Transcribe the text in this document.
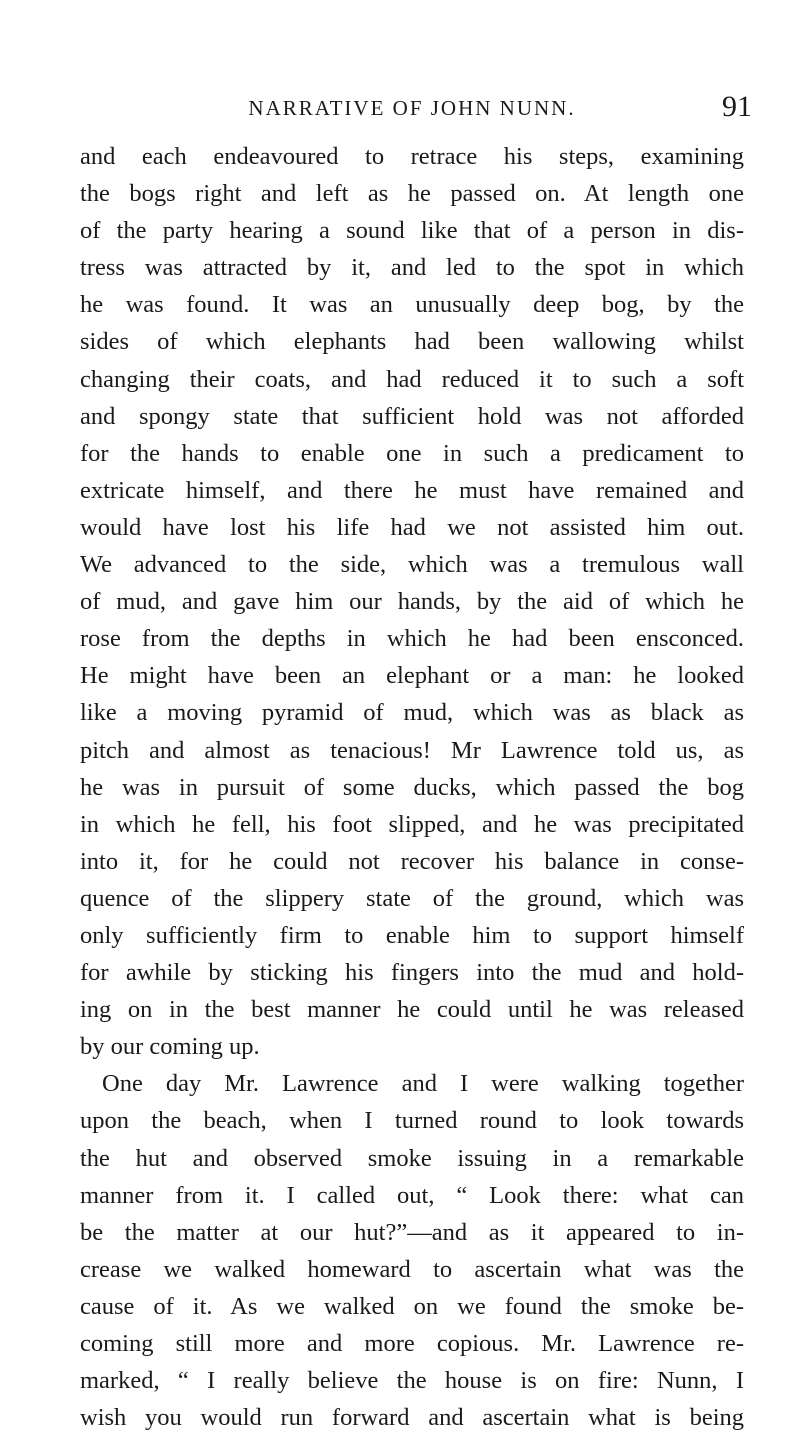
NARRATIVE OF JOHN NUNN.	91
and each endeavoured to retrace his steps, examining
the bogs right and left as he passed on. At length one
of the party hearing a sound like that of a person in dis-
tress was attracted by it, and led to the spot in which
he was found. It was an unusually deep bog, by the
sides of which elephants had been wallowing whilst
changing their coats, and had reduced it to such a soft
and spongy state that sufficient hold was not afforded
for the hands to enable one in such a predicament to
extricate himself, and there he must have remained and
would have lost his life had we not assisted him out.
We advanced to the side, which was a tremulous wall
of mud, and gave him our hands, by the aid of which he
rose from the depths in which he had been ensconced.
He might have been an elephant or a man: he looked
like a moving pyramid of mud, which was as black as
pitch and almost as tenacious! Mr Lawrence told us, as
he was in pursuit of some ducks, which passed the bog
in which he fell, his foot slipped, and he was precipitated
into it, for he could not recover his balance in conse-
quence of the slippery state of the ground, which was
only sufficiently firm to enable him to support himself
for awhile by sticking his fingers into the mud and hold-
ing on in the best manner he could until he was released
by our coming up.
One day Mr. Lawrence and I were walking together
upon the beach, when I turned round to look towards
the hut and observed smoke issuing in a remarkable
manner from it. I called out, “ Look there: what can
be the matter at our hut?”—and as it appeared to in-
crease we walked homeward to ascertain what was the
cause of it. As we walked on we found the smoke be-
coming still more and more copious. Mr. Lawrence re-
marked, “ I really believe the house is on fire: Nunn, I
wish you would run forward and ascertain what is being
